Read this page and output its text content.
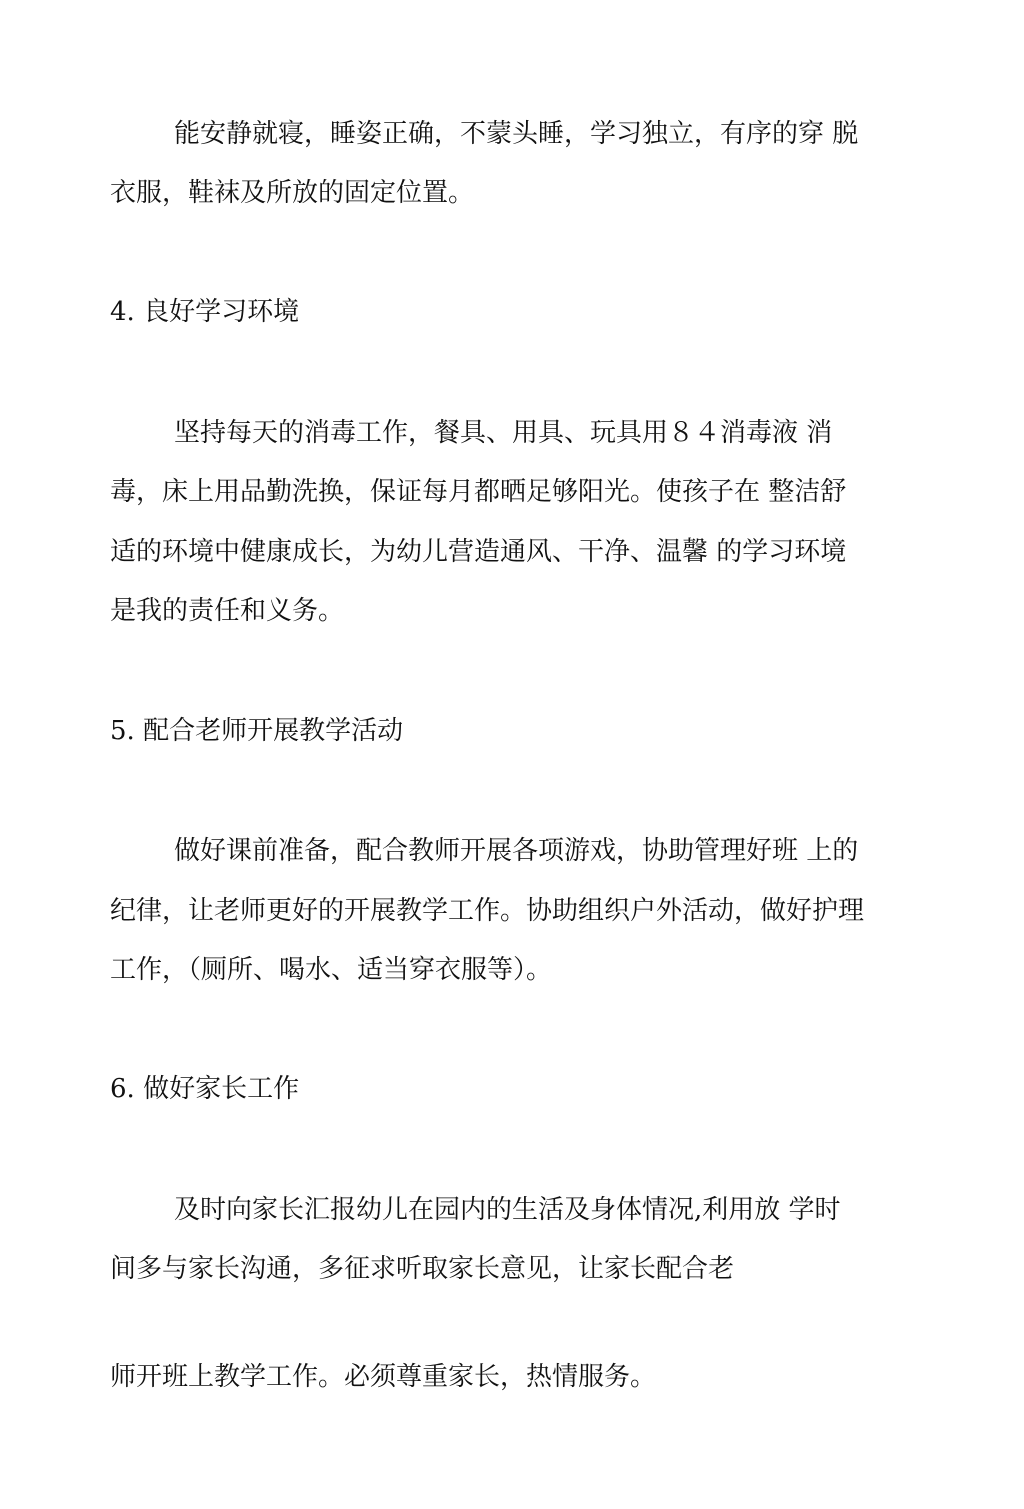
能安静就寝，睡姿正确，不蒙头睡，学习独立，有序的穿 脱
衣服，鞋袜及所放的固定位置。
4. 良好学习环境
坚持每天的消毒工作，餐具、用具、玩具用８４消毒液 消
毒，床上用品勤洗换，保证每月都晒足够阳光。使孩子在 整洁舒
适的环境中健康成长，为幼儿营造通风、干净、温馨 的学习环境
是我的责任和义务。
5. 配合老师开展教学活动
做好课前准备，配合教师开展各项游戏，协助管理好班 上的
纪律，让老师更好的开展教学工作。协助组织户外活动，做好护理
工作，（厕所、喝水、适当穿衣服等）。
6. 做好家长工作
及时向家长汇报幼儿在园内的生活及身体情况,利用放 学时
间多与家长沟通，多征求听取家长意见，让家长配合老
师开班上教学工作。必须尊重家长，热情服务。
